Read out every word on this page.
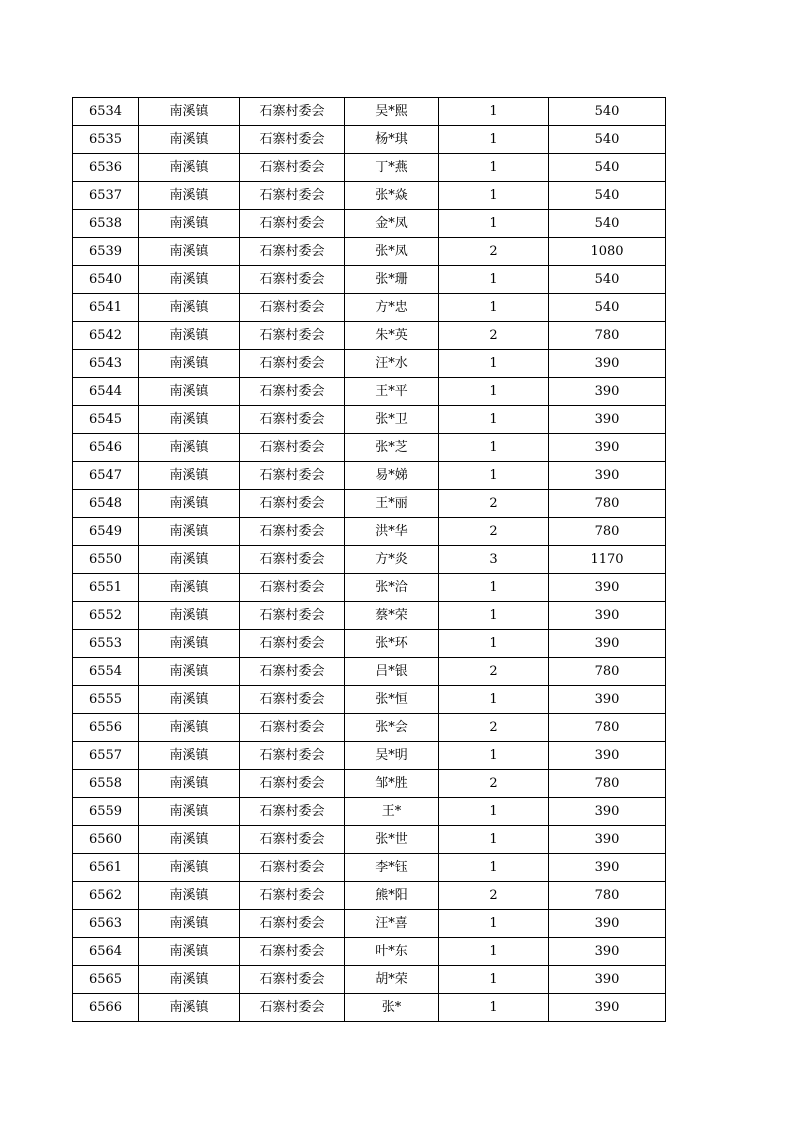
6534	南溪镇	石寨村委会	吴*熙	1	540
6535	南溪镇	石寨村委会	杨*琪	1	540
6536	南溪镇	石寨村委会	丁*燕	1	540
6537	南溪镇	石寨村委会	张*焱	1	540
6538	南溪镇	石寨村委会	金*凤	1	540
6539	南溪镇	石寨村委会	张*凤	2	1080
6540	南溪镇	石寨村委会	张*珊	1	540
6541	南溪镇	石寨村委会	方*忠	1	540
6542	南溪镇	石寨村委会	朱*英	2	780
6543	南溪镇	石寨村委会	汪*水	1	390
6544	南溪镇	石寨村委会	王*平	1	390
6545	南溪镇	石寨村委会	张*卫	1	390
6546	南溪镇	石寨村委会	张*芝	1	390
6547	南溪镇	石寨村委会	易*娣	1	390
6548	南溪镇	石寨村委会	王*丽	2	780
6549	南溪镇	石寨村委会	洪*华	2	780
6550	南溪镇	石寨村委会	方*炎	3	1170
6551	南溪镇	石寨村委会	张*洽	1	390
6552	南溪镇	石寨村委会	蔡*荣	1	390
6553	南溪镇	石寨村委会	张*环	1	390
6554	南溪镇	石寨村委会	吕*银	2	780
6555	南溪镇	石寨村委会	张*恒	1	390
6556	南溪镇	石寨村委会	张*会	2	780
6557	南溪镇	石寨村委会	吴*明	1	390
6558	南溪镇	石寨村委会	邹*胜	2	780
6559	南溪镇	石寨村委会	王*	1	390
6560	南溪镇	石寨村委会	张*世	1	390
6561	南溪镇	石寨村委会	李*钰	1	390
6562	南溪镇	石寨村委会	熊*阳	2	780
6563	南溪镇	石寨村委会	汪*喜	1	390
6564	南溪镇	石寨村委会	叶*东	1	390
6565	南溪镇	石寨村委会	胡*荣	1	390
6566	南溪镇	石寨村委会	张*	1	390
